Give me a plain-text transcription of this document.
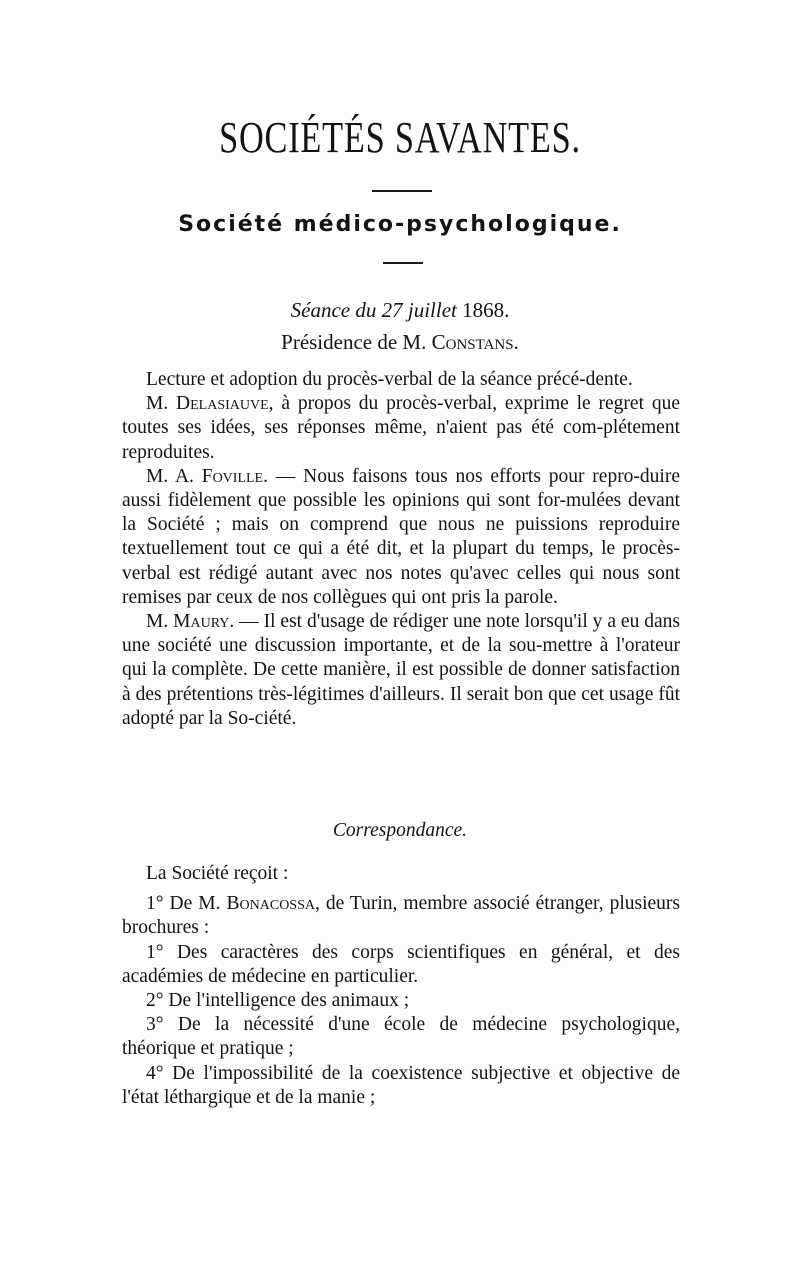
SOCIÉTÉS SAVANTES.
Société médico-psychologique.
Séance du 27 juillet 1868.
Présidence de M. Constans.

Lecture et adoption du procès-verbal de la séance précé-dente.

M. Delasiauve, à propos du procès-verbal, exprime le regret que toutes ses idées, ses réponses même, n'aient pas été com-plétement reproduites.

M. A. Foville. — Nous faisons tous nos efforts pour repro-duire aussi fidèlement que possible les opinions qui sont for-mulées devant la Société ; mais on comprend que nous ne puissions reproduire textuellement tout ce qui a été dit, et la plupart du temps, le procès-verbal est rédigé autant avec nos notes qu'avec celles qui nous sont remises par ceux de nos collègues qui ont pris la parole.

M. Maury. — Il est d'usage de rédiger une note lorsqu'il y a eu dans une société une discussion importante, et de la sou-mettre à l'orateur qui la complète. De cette manière, il est possible de donner satisfaction à des prétentions très-légitimes d'ailleurs. Il serait bon que cet usage fût adopté par la So-ciété.

Correspondance.

La Société reçoit :

1° De M. Bonacossa, de Turin, membre associé étranger, plusieurs brochures :

1° Des caractères des corps scientifiques en général, et des académies de médecine en particulier.

2° De l'intelligence des animaux ;

3° De la nécessité d'une école de médecine psychologique, théorique et pratique ;

4° De l'impossibilité de la coexistence subjective et objective de l'état léthargique et de la manie ;
